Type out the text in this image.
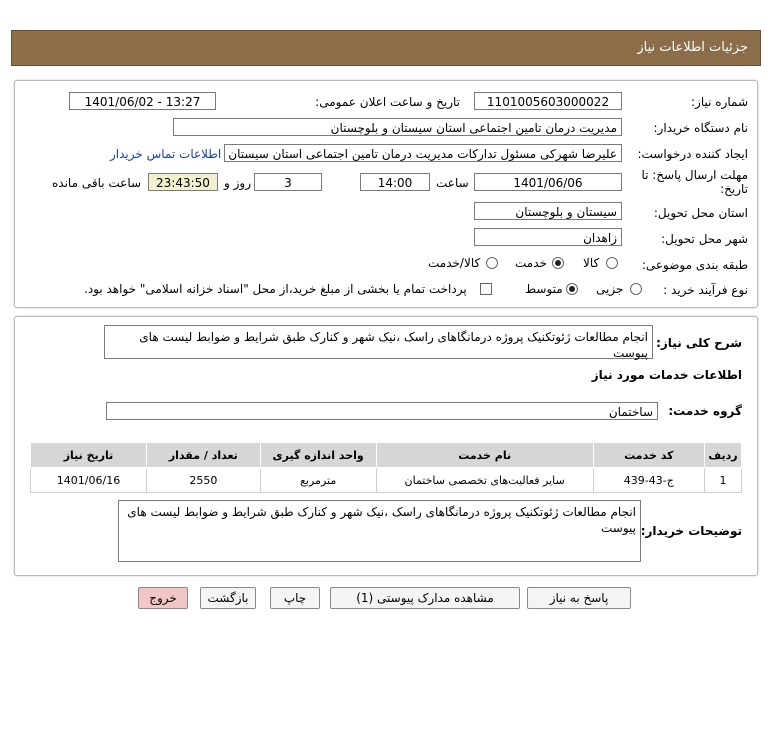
جزئیات اطلاعات نیاز
شماره نیاز:
1101005603000022
تاریخ و ساعت اعلان عمومی:
1401/06/02 - 13:27
نام دستگاه خریدار:
مدیریت درمان تامین اجتماعی استان سیستان و بلوچستان
ایجاد کننده درخواست:
علیرضا شهرکی مسئول تدارکات مدیریت درمان تامین اجتماعی استان سیستان
اطلاعات تماس خریدار
مهلت ارسال پاسخ: تا
تاریخ:
1401/06/06
ساعت
14:00
3
روز و
23:43:50
ساعت باقی مانده
استان محل تحویل:
سیستان و بلوچستان
شهر محل تحویل:
زاهدان
طبقه بندی موضوعی:
کالا
خدمت
کالا/خدمت
نوع فرآیند خرید :
جزیی
متوسط
پرداخت تمام یا بخشی از مبلغ خرید،از محل "اسناد خزانه اسلامی" خواهد بود.
شرح کلی نیاز:
انجام مطالعات ژئوتکنیک پروژه درمانگاهای راسک ،نیک شهر و کنارک طبق شرایط و ضوابط لیست های پیوست
اطلاعات خدمات مورد نیاز
گروه خدمت:
ساختمان
ردیف	کد خدمت	نام خدمت	واحد اندازه گیری	تعداد / مقدار	تاریخ نیاز
1	ج-43-439	سایر فعالیت‌های تخصصی ساختمان	مترمربع	2550	1401/06/16
توضیحات خریدار:
انجام مطالعات ژئوتکنیک پروژه درمانگاهای راسک ،نیک شهر و کنارک طبق شرایط و ضوابط لیست های پیوست
پاسخ به نیاز
مشاهده مدارک پیوستی (1)
چاپ
بازگشت
خروج
